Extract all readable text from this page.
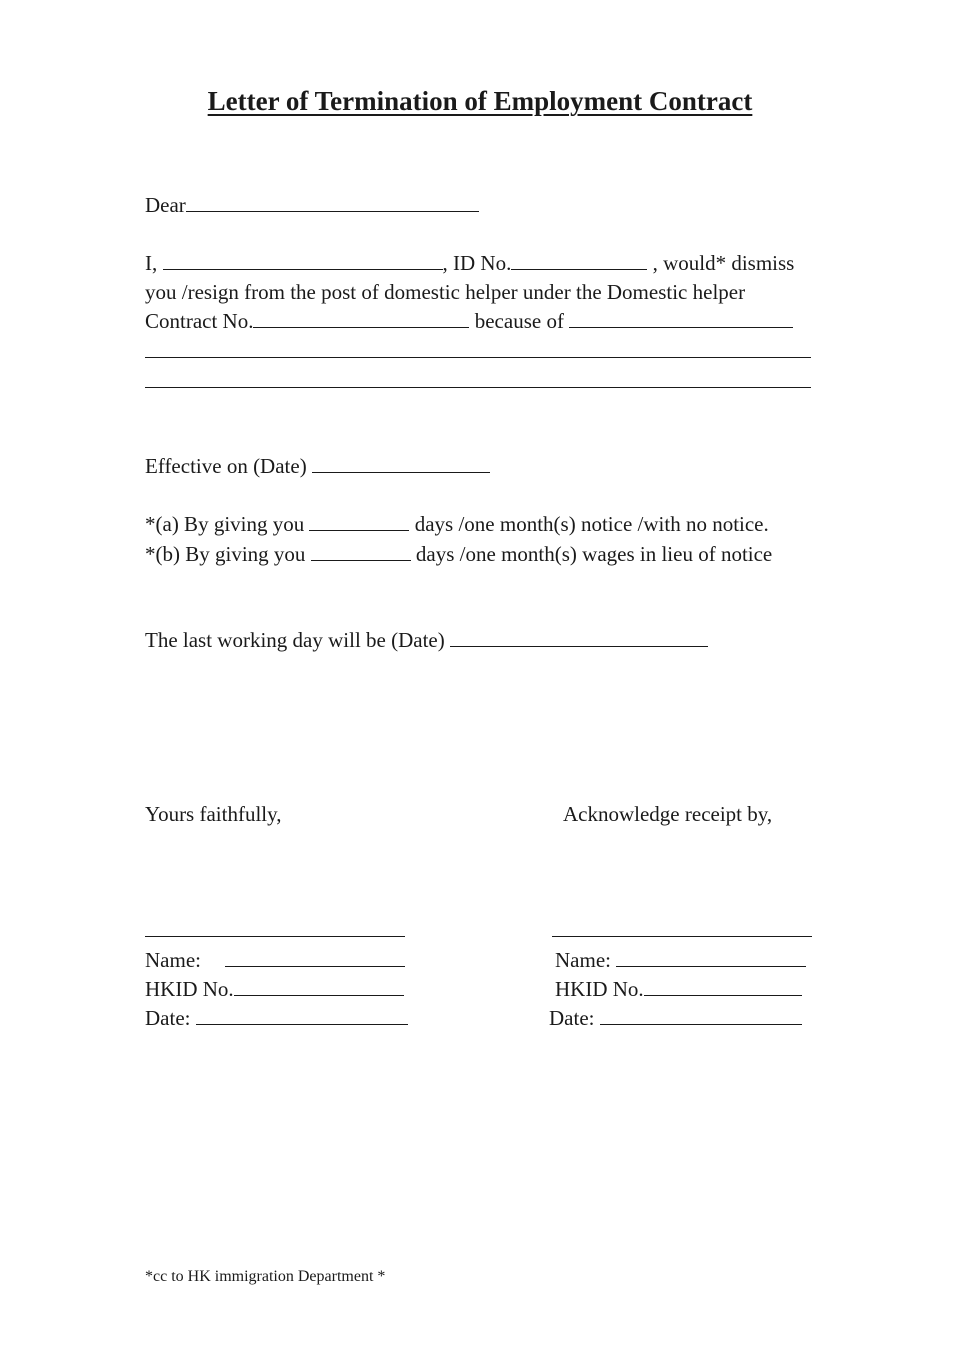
Letter of Termination of Employment Contract
Dear
I,	, ID No.	, would* dismiss
you /resign from the post of domestic helper under the Domestic helper
Contract No.	because of
Effective on (Date)
*(a) By giving you	days /one month(s) notice /with no notice.
*(b) By giving you	days /one month(s) wages in lieu of notice
The last working day will be (Date)
Yours faithfully,	Acknowledge receipt by,
Name:
HKID No.
Date:
Name:
HKID No.
Date:
*cc to HK immigration Department *
